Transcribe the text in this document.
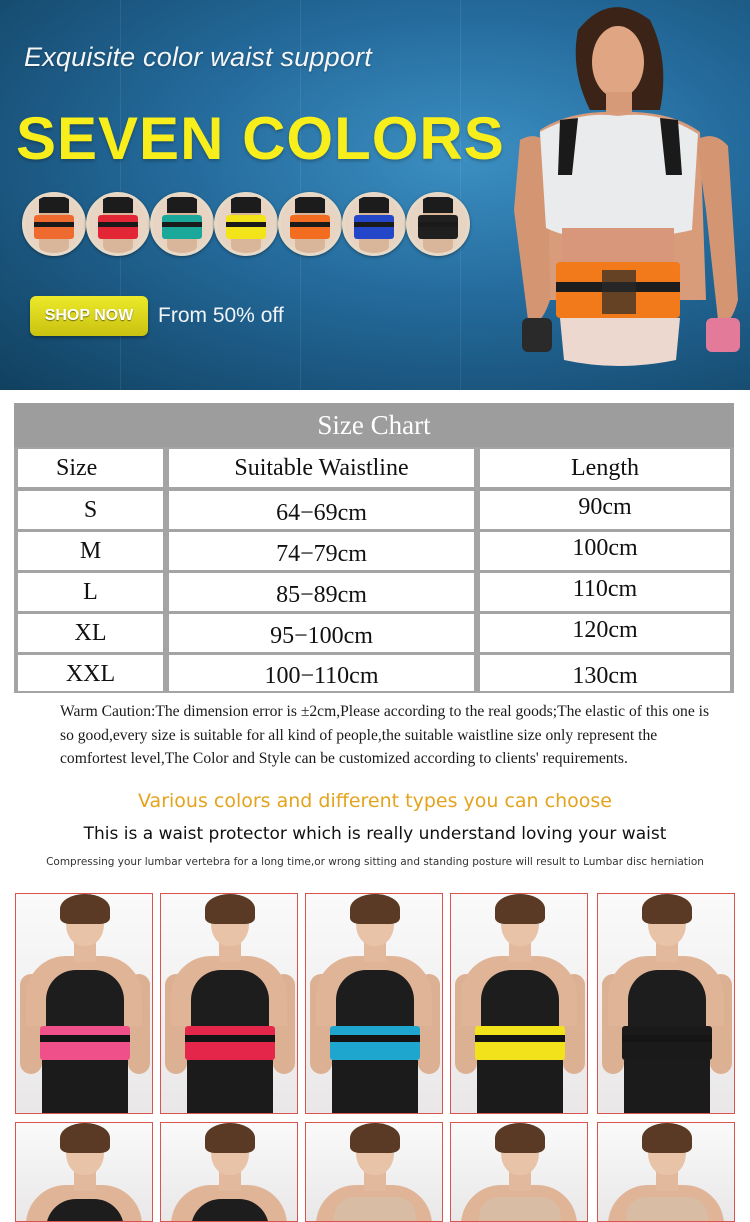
Exquisite color waist support
SEVEN COLORS
SHOP NOW	From 50% off
Size Chart
Size	Suitable Waistline	Length
S	64−69cm	90cm
M	74−79cm	100cm
L	85−89cm	110cm
XL	95−100cm	120cm
XXL	100−110cm	130cm
Warm Caution:The dimension error is ±2cm,Please according to the real goods;The elastic of this one is so good,every size is suitable for all kind of people,the suitable waistline size only represent the comfortest level,The Color and Style can be customized according to clients' requirements.
Various colors and different types you can choose
This is a waist protector which is really understand loving your waist
Compressing your lumbar vertebra for a long time,or wrong sitting and standing posture will result to Lumbar disc herniation
